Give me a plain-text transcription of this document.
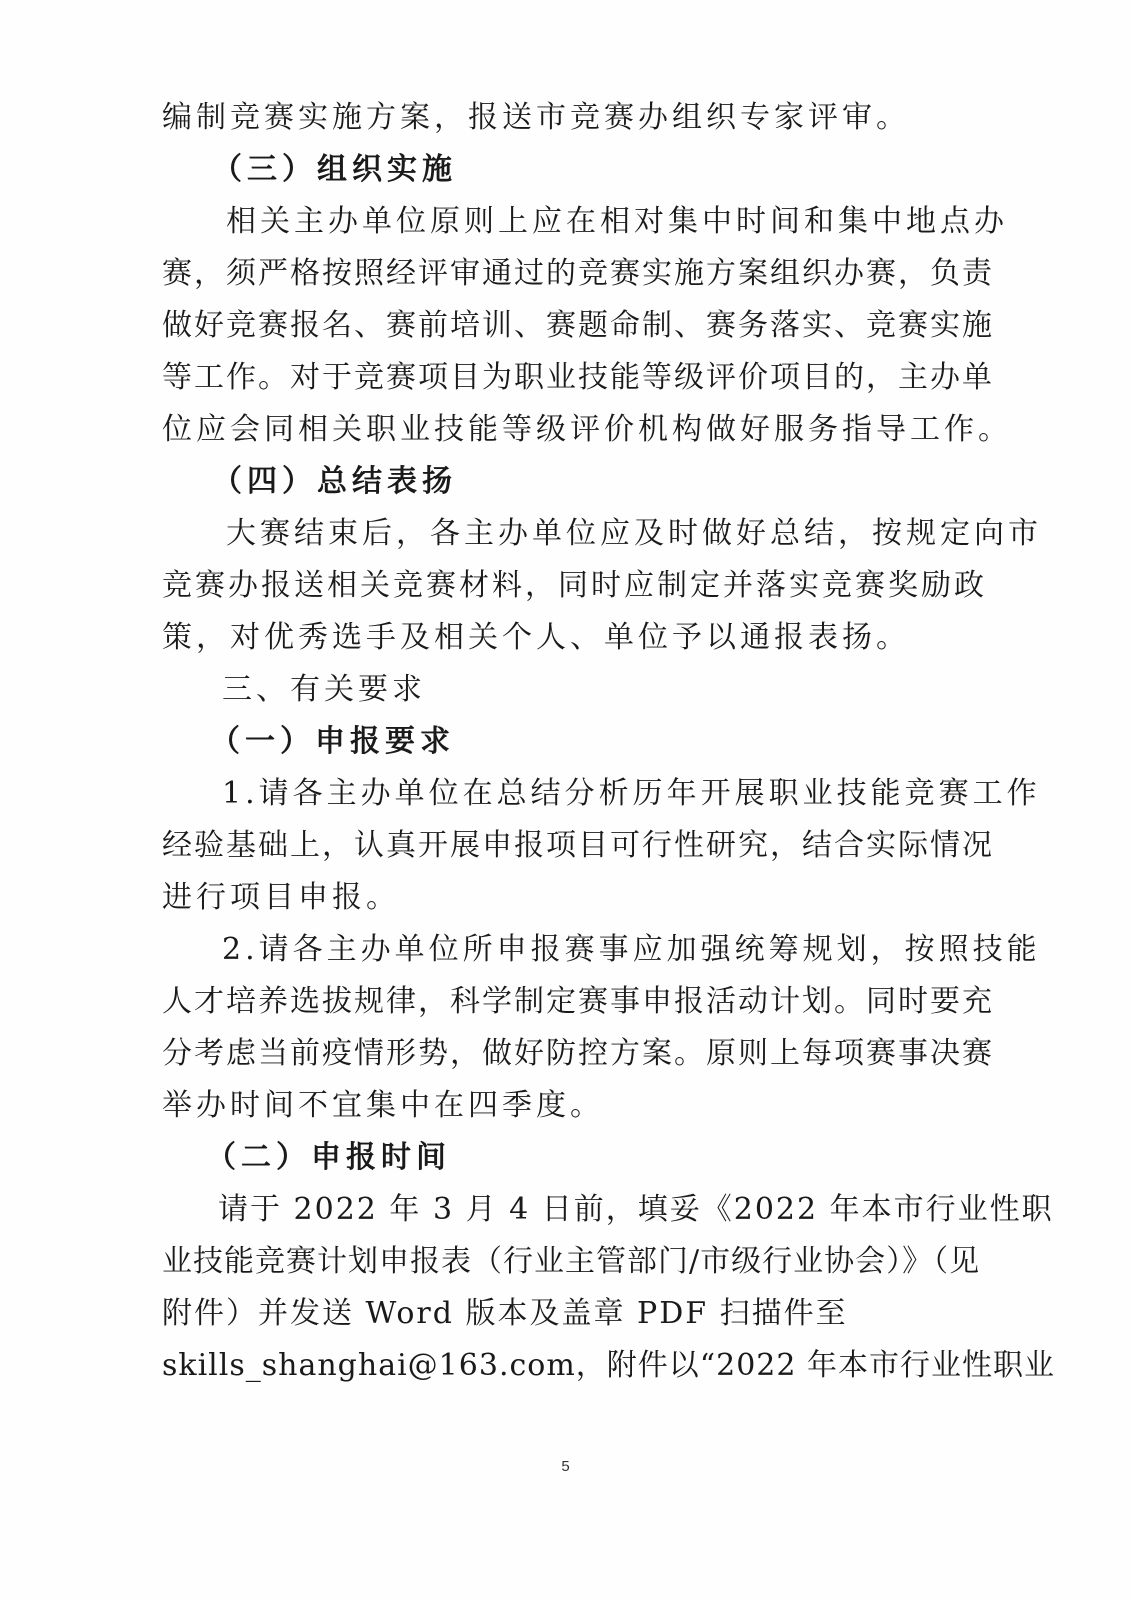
编制竞赛实施方案，报送市竞赛办组织专家评审。
（三）组织实施
相关主办单位原则上应在相对集中时间和集中地点办
赛，须严格按照经评审通过的竞赛实施方案组织办赛，负责
做好竞赛报名、赛前培训、赛题命制、赛务落实、竞赛实施
等工作。对于竞赛项目为职业技能等级评价项目的，主办单
位应会同相关职业技能等级评价机构做好服务指导工作。
（四）总结表扬
大赛结束后，各主办单位应及时做好总结，按规定向市
竞赛办报送相关竞赛材料，同时应制定并落实竞赛奖励政
策，对优秀选手及相关个人、单位予以通报表扬。
三、有关要求
（一）申报要求
1.请各主办单位在总结分析历年开展职业技能竞赛工作
经验基础上，认真开展申报项目可行性研究，结合实际情况
进行项目申报。
2.请各主办单位所申报赛事应加强统筹规划，按照技能
人才培养选拔规律，科学制定赛事申报活动计划。同时要充
分考虑当前疫情形势，做好防控方案。原则上每项赛事决赛
举办时间不宜集中在四季度。
（二）申报时间
请于 2022 年 3 月 4 日前，填妥《2022 年本市行业性职
业技能竞赛计划申报表（行业主管部门/市级行业协会）》（见
附件）并发送 Word 版本及盖章 PDF 扫描件至
skills_shanghai@163.com，附件以“2022 年本市行业性职业
5
